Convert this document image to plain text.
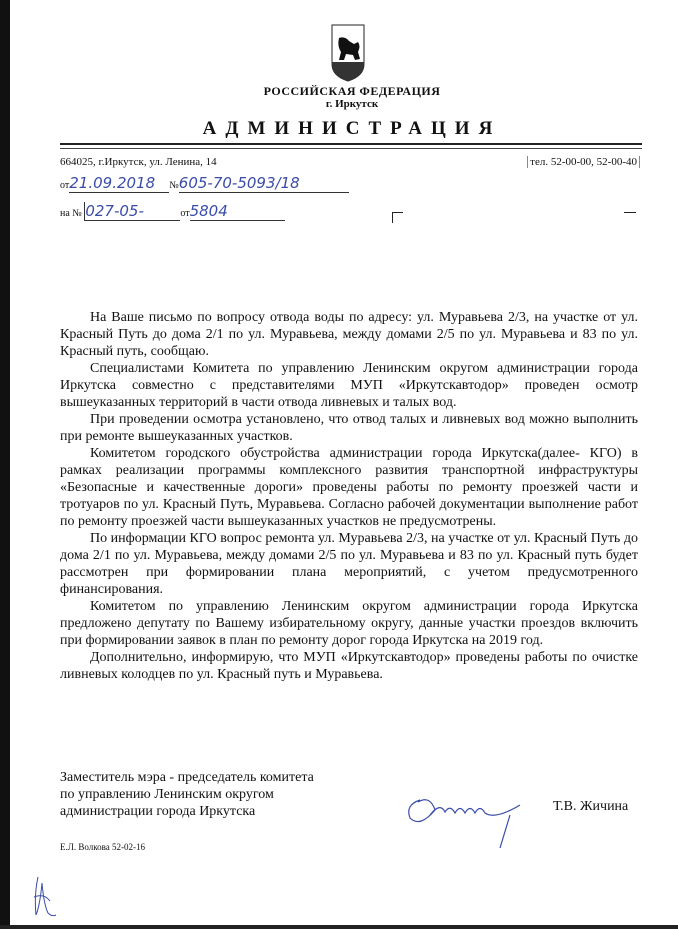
РОССИЙСКАЯ ФЕДЕРАЦИЯ
г. Иркутск
АДМИНИСТРАЦИЯ
664025, г.Иркутск, ул. Ленина, 14	тел. 52-00-00, 52-00-40
от21.09.2018 №605-70-5093/18
на № 027-05-	от5804

На Ваше письмо по вопросу отвода воды по адресу: ул. Муравьева 2/3, на участке от ул. Красный Путь до дома 2/1 по ул. Муравьева, между домами 2/5 по ул. Муравьева и 83 по ул. Красный путь, сообщаю.

Специалистами Комитета по управлению Ленинским округом администрации города Иркутска совместно с представителями МУП «Иркутскавтодор» проведен осмотр вышеуказанных территорий в части отвода ливневых и талых вод.

При проведении осмотра установлено, что отвод талых и ливневых вод можно выполнить при ремонте вышеуказанных участков.

Комитетом городского обустройства администрации города Иркутска(далее- КГО) в рамках реализации программы комплексного развития транспортной инфраструктуры «Безопасные и качественные дороги» проведены работы по ремонту проезжей части и тротуаров по ул. Красный Путь, Муравьева. Согласно рабочей документации выполнение работ по ремонту проезжей части вышеуказанных участков не предусмотрены.

По информации КГО вопрос ремонта ул. Муравьева 2/3, на участке от ул. Красный Путь до дома 2/1 по ул. Муравьева, между домами 2/5 по ул. Муравьева и 83 по ул. Красный путь будет рассмотрен при формировании плана мероприятий, с учетом предусмотренного финансирования.

Комитетом по управлению Ленинским округом администрации города Иркутска предложено депутату по Вашему избирательному округу, данные участки проездов включить при формировании заявок в план по ремонту дорог города Иркутска на 2019 год.

Дополнительно, информирую, что МУП «Иркутскавтодор» проведены работы по очистке ливневых колодцев по ул. Красный путь и Муравьева.

Заместитель мэра - председатель комитета
по управлению Ленинским округом
администрации города Иркутска	Т.В. Жичина
Е.Л. Волкова 52-02-16
